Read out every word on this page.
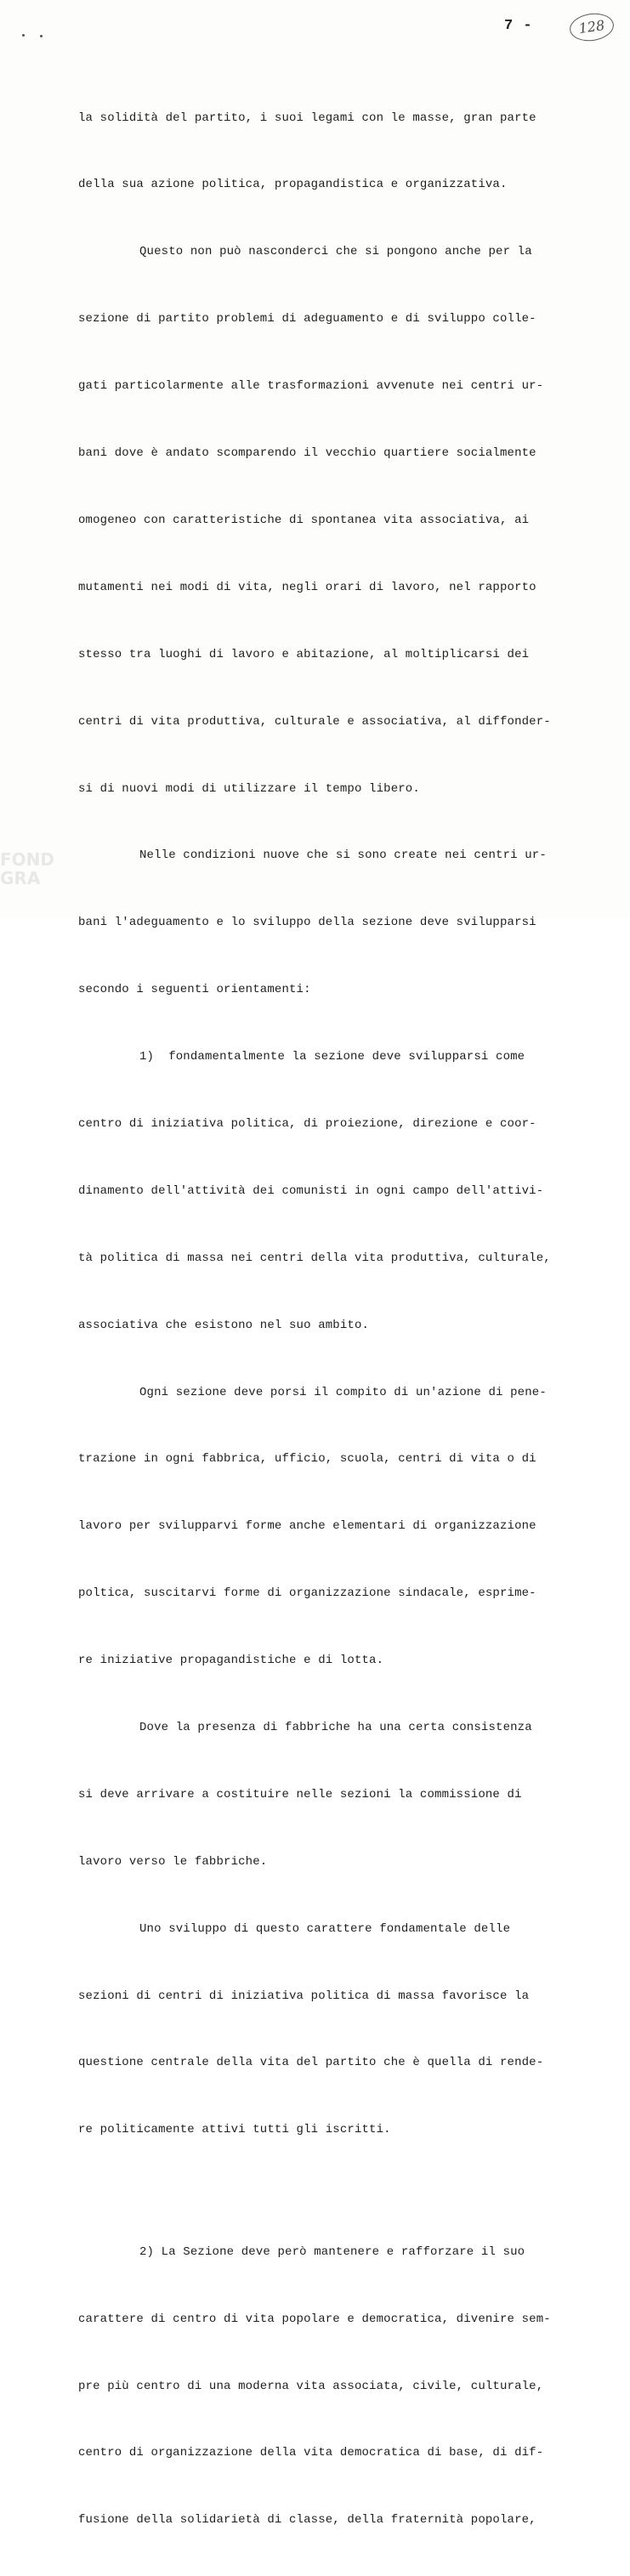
7 -	128

la solidità del partito, i suoi legami con le masse, gran parte

della sua azione politica, propagandistica e organizzativa.

Questo non può nasconderci che si pongono anche per la

sezione di partito problemi di adeguamento e di sviluppo colle-

gati particolarmente alle trasformazioni avvenute nei centri ur-

bani dove è andato scomparendo il vecchio quartiere socialmente

omogeneo con caratteristiche di spontanea vita associativa, ai

mutamenti nei modi di vita, negli orari di lavoro, nel rapporto

stesso tra luoghi di lavoro e abitazione, al moltiplicarsi dei

centri di vita produttiva, culturale e associativa, al diffonder-

si di nuovi modi di utilizzare il tempo libero.

Nelle condizioni nuove che si sono create nei centri ur-

bani l'adeguamento e lo sviluppo della sezione deve svilupparsi

secondo i seguenti orientamenti:

1)  fondamentalmente la sezione deve svilupparsi come

centro di iniziativa politica, di proiezione, direzione e coor-

dinamento dell'attività dei comunisti in ogni campo dell'attivi-

tà politica di massa nei centri della vita produttiva, culturale,

associativa che esistono nel suo ambito.

Ogni sezione deve porsi il compito di un'azione di pene-

trazione in ogni fabbrica, ufficio, scuola, centri di vita o di

lavoro per svilupparvi forme anche elementari di organizzazione

poltica, suscitarvi forme di organizzazione sindacale, esprime-

re iniziative propagandistiche e di lotta.

Dove la presenza di fabbriche ha una certa consistenza

si deve arrivare a costituire nelle sezioni la commissione di

lavoro verso le fabbriche.

Uno sviluppo di questo carattere fondamentale delle

sezioni di centri di iniziativa politica di massa favorisce la

questione centrale della vita del partito che è quella di rende-

re politicamente attivi tutti gli iscritti.

2) La Sezione deve però mantenere e rafforzare il suo

carattere di centro di vita popolare e democratica, divenire sem-

pre più centro di una moderna vita associata, civile, culturale,

centro di organizzazione della vita democratica di base, di dif-

fusione della solidarietà di classe, della fraternità popolare,

FOND
GRA
